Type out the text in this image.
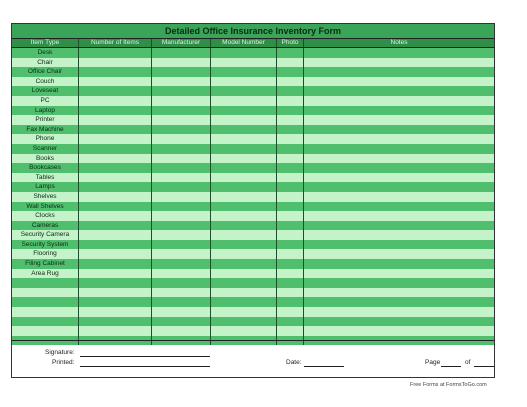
Detailed Office Insurance Inventory Form
Item Type	Number of Items	Manufacturer	Model Number	Photo	Notes
Desk
Chair
Office Chair
Couch
Loveseat
PC
Laptop
Printer
Fax Machine
Phone
Scanner
Books
Bookcases
Tables
Lamps
Shelves
Wall Shelves
Clocks
Cameras
Security Camera
Security System
Flooring
Filing Cabinet
Area Rug
Signature:
Printed:	Date:	Page	of
Free Forms at FormsToGo.com
